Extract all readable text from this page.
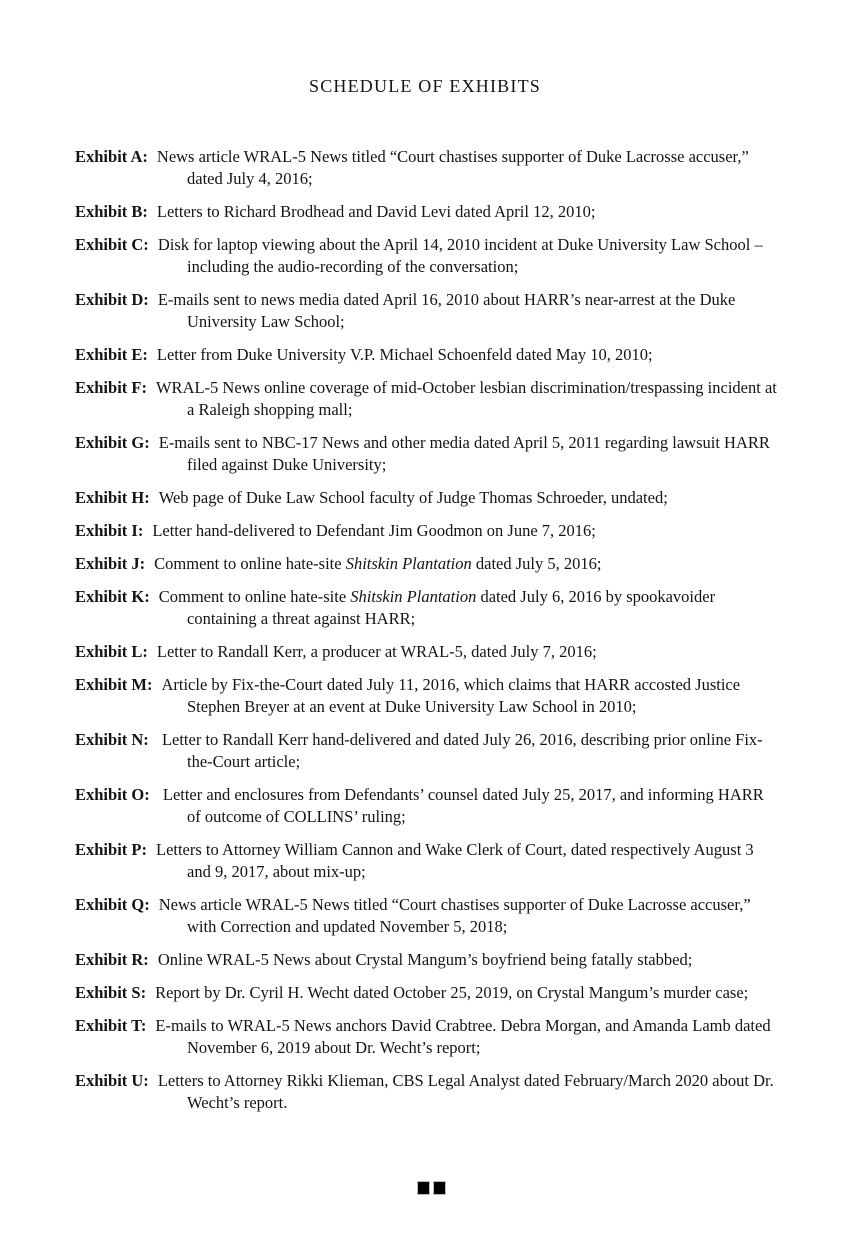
SCHEDULE OF EXHIBITS

Exhibit A: News article WRAL-5 News titled “Court chastises supporter of Duke Lacrosse accuser,” dated July 4, 2016;

Exhibit B: Letters to Richard Brodhead and David Levi dated April 12, 2010;

Exhibit C: Disk for laptop viewing about the April 14, 2010 incident at Duke University Law School – including the audio-recording of the conversation;

Exhibit D: E-mails sent to news media dated April 16, 2010 about HARR’s near-arrest at the Duke University Law School;

Exhibit E: Letter from Duke University V.P. Michael Schoenfeld dated May 10, 2010;

Exhibit F: WRAL-5 News online coverage of mid-October lesbian discrimination/trespassing incident at a Raleigh shopping mall;

Exhibit G: E-mails sent to NBC-17 News and other media dated April 5, 2011 regarding lawsuit HARR filed against Duke University;

Exhibit H: Web page of Duke Law School faculty of Judge Thomas Schroeder, undated;

Exhibit I: Letter hand-delivered to Defendant Jim Goodmon on June 7, 2016;

Exhibit J: Comment to online hate-site Shitskin Plantation dated July 5, 2016;

Exhibit K: Comment to online hate-site Shitskin Plantation dated July 6, 2016 by spookavoider containing a threat against HARR;

Exhibit L: Letter to Randall Kerr, a producer at WRAL-5, dated July 7, 2016;

Exhibit M: Article by Fix-the-Court dated July 11, 2016, which claims that HARR accosted Justice Stephen Breyer at an event at Duke University Law School in 2010;

Exhibit N: Letter to Randall Kerr hand-delivered and dated July 26, 2016, describing prior online Fix-the-Court article;

Exhibit O: Letter and enclosures from Defendants’ counsel dated July 25, 2017, and informing HARR of outcome of COLLINS’ ruling;

Exhibit P: Letters to Attorney William Cannon and Wake Clerk of Court, dated respectively August 3 and 9, 2017, about mix-up;

Exhibit Q: News article WRAL-5 News titled “Court chastises supporter of Duke Lacrosse accuser,” with Correction and updated November 5, 2018;

Exhibit R: Online WRAL-5 News about Crystal Mangum’s boyfriend being fatally stabbed;

Exhibit S: Report by Dr. Cyril H. Wecht dated October 25, 2019, on Crystal Mangum’s murder case;

Exhibit T: E-mails to WRAL-5 News anchors David Crabtree. Debra Morgan, and Amanda Lamb dated November 6, 2019 about Dr. Wecht’s report;

Exhibit U: Letters to Attorney Rikki Klieman, CBS Legal Analyst dated February/March 2020 about Dr. Wecht’s report.
